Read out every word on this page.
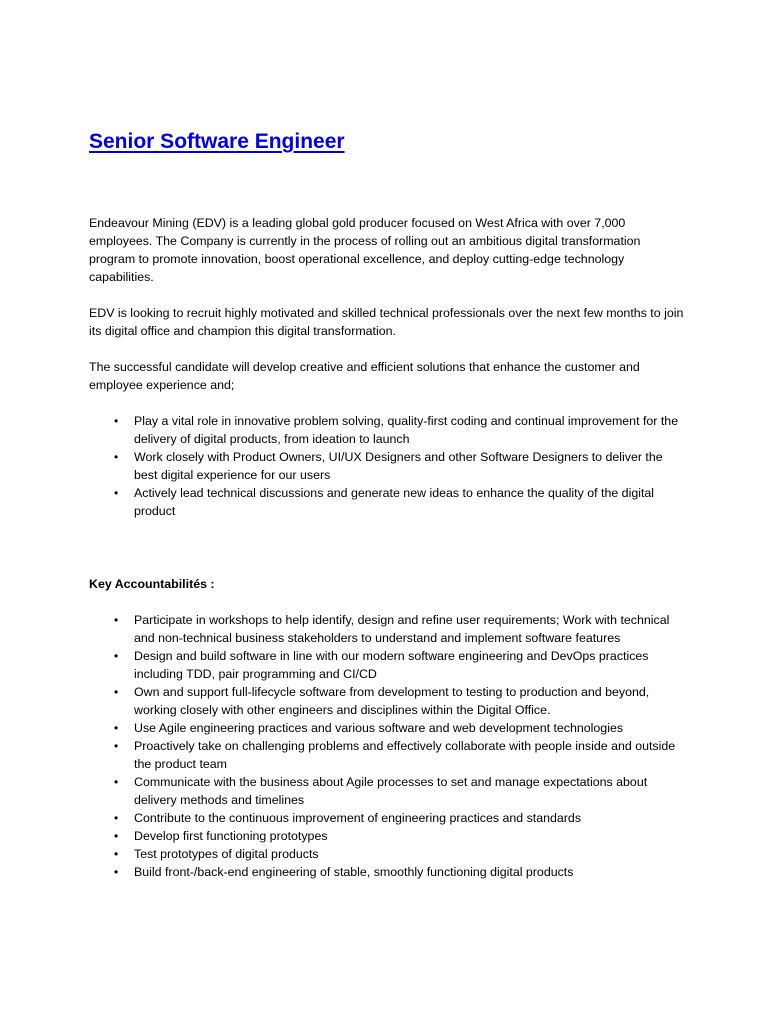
Senior Software Engineer

Endeavour Mining (EDV) is a leading global gold producer focused on West Africa with over 7,000 employees. The Company is currently in the process of rolling out an ambitious digital transformation program to promote innovation, boost operational excellence, and deploy cutting-edge technology capabilities.

EDV is looking to recruit highly motivated and skilled technical professionals over the next few months to join its digital office and champion this digital transformation.

The successful candidate will develop creative and efficient solutions that enhance the customer and employee experience and;

• Play a vital role in innovative problem solving, quality-first coding and continual improvement for the delivery of digital products, from ideation to launch
• Work closely with Product Owners, UI/UX Designers and other Software Designers to deliver the best digital experience for our users
• Actively lead technical discussions and generate new ideas to enhance the quality of the digital product
Key Accountabilités :
• Participate in workshops to help identify, design and refine user requirements; Work with technical and non-technical business stakeholders to understand and implement software features
• Design and build software in line with our modern software engineering and DevOps practices including TDD, pair programming and CI/CD
• Own and support full-lifecycle software from development to testing to production and beyond, working closely with other engineers and disciplines within the Digital Office.
• Use Agile engineering practices and various software and web development technologies
• Proactively take on challenging problems and effectively collaborate with people inside and outside the product team
• Communicate with the business about Agile processes to set and manage expectations about delivery methods and timelines
• Contribute to the continuous improvement of engineering practices and standards
• Develop first functioning prototypes
• Test prototypes of digital products
• Build front-/back-end engineering of stable, smoothly functioning digital products
